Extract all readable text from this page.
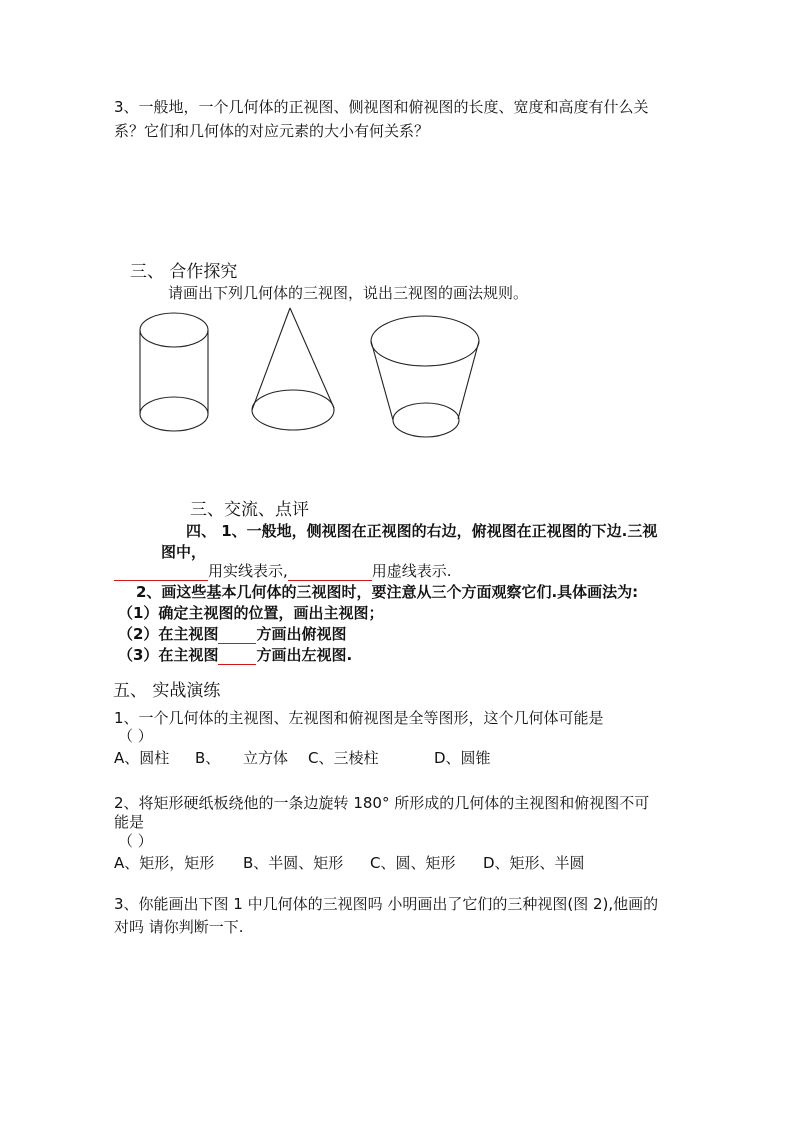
3、一般地，一个几何体的正视图、侧视图和俯视图的长度、宽度和高度有什么关
系？它们和几何体的对应元素的大小有何关系？
三、 合作探究
请画出下列几何体的三视图，说出三视图的画法规则。
三、交流、点评
四、 1、一般地，侧视图在正视图的右边，俯视图在正视图的下边.三视
图中，
用实线表示,	用虚线表示.
2、画这些基本几何体的三视图时，要注意从三个方面观察它们.具体画法为:
（1）确定主视图的位置，画出主视图；
（2）在主视图	方画出俯视图
（3）在主视图	方画出左视图.
五、 实战演练
1、一个几何体的主视图、左视图和俯视图是全等图形，这个几何体可能是
（ ）
A、圆柱 B、 立方体 C、三棱柱	D、圆锥
2、将矩形硬纸板绕他的一条边旋转 180° 所形成的几何体的主视图和俯视图不可
能是
（ ）
A、矩形，矩形 B、半圆、矩形 C、圆、矩形 D、矩形、半圆
3、你能画出下图 1 中几何体的三视图吗 小明画出了它们的三种视图(图 2),他画的
对吗 请你判断一下.
